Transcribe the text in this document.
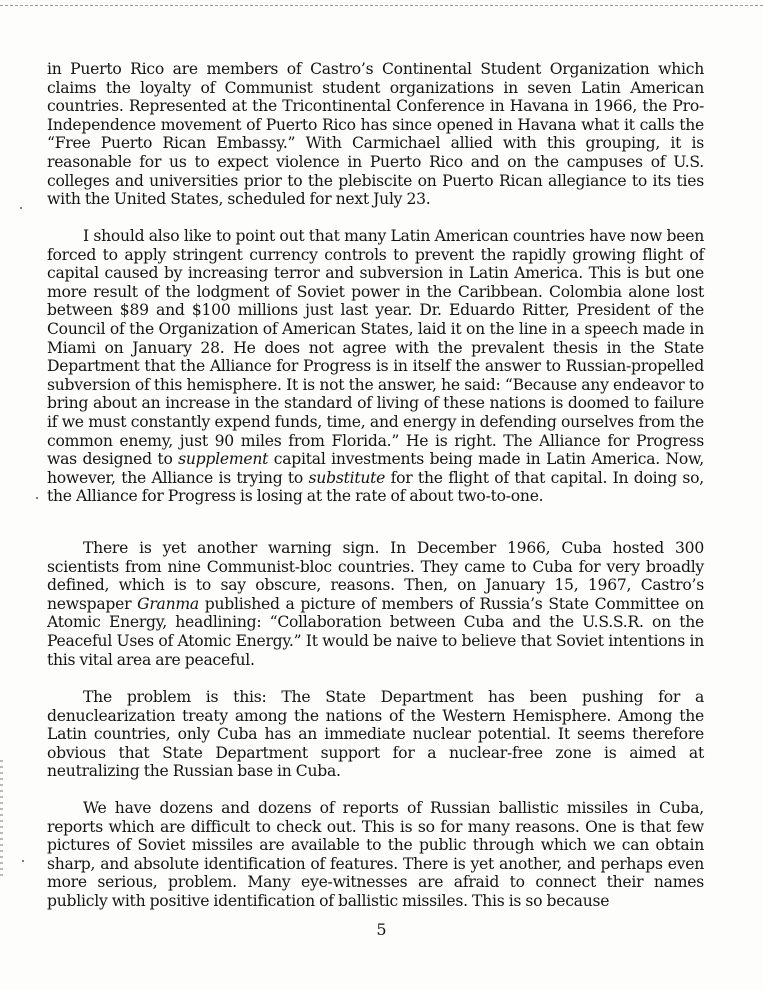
in Puerto Rico are members of Castro’s Continental Student Organization which claims the loyalty of Communist student organizations in seven Latin American countries. Represented at the Tricontinental Conference in Havana in 1966, the Pro-Independence movement of Puerto Rico has since opened in Havana what it calls the “Free Puerto Rican Embassy.” With Carmichael allied with this grouping, it is reasonable for us to expect violence in Puerto Rico and on the campuses of U.S. colleges and universities prior to the plebiscite on Puerto Rican allegiance to its ties with the United States, scheduled for next July 23.

I should also like to point out that many Latin American countries have now been forced to apply stringent currency controls to prevent the rapidly growing flight of capital caused by increasing terror and subversion in Latin America. This is but one more result of the lodgment of Soviet power in the Caribbean. Colombia alone lost between $89 and $100 millions just last year. Dr. Eduardo Ritter, President of the Council of the Organization of American States, laid it on the line in a speech made in Miami on January 28. He does not agree with the prevalent thesis in the State Department that the Alliance for Progress is in itself the answer to Russian-propelled subversion of this hemisphere. It is not the answer, he said: “Because any endeavor to bring about an increase in the standard of living of these nations is doomed to failure if we must constantly expend funds, time, and energy in defending ourselves from the common enemy, just 90 miles from Florida.” He is right. The Alliance for Progress was designed to supplement capital investments being made in Latin America. Now, however, the Alliance is trying to substitute for the flight of that capital. In doing so, the Alliance for Progress is losing at the rate of about two-to-one.

There is yet another warning sign. In December 1966, Cuba hosted 300 scientists from nine Communist-bloc countries. They came to Cuba for very broadly defined, which is to say obscure, reasons. Then, on January 15, 1967, Castro’s newspaper Granma published a picture of members of Russia’s State Committee on Atomic Energy, headlining: “Collaboration between Cuba and the U.S.S.R. on the Peaceful Uses of Atomic Energy.” It would be naive to believe that Soviet intentions in this vital area are peaceful.

The problem is this: The State Department has been pushing for a denuclearization treaty among the nations of the Western Hemisphere. Among the Latin countries, only Cuba has an immediate nuclear potential. It seems therefore obvious that State Department support for a nuclear-free zone is aimed at neutralizing the Russian base in Cuba.

We have dozens and dozens of reports of Russian ballistic missiles in Cuba, reports which are difficult to check out. This is so for many reasons. One is that few pictures of Soviet missiles are available to the public through which we can obtain sharp, and absolute identification of features. There is yet another, and perhaps even more serious, problem. Many eye-witnesses are afraid to connect their names publicly with positive identification of ballistic missiles. This is so because

5
